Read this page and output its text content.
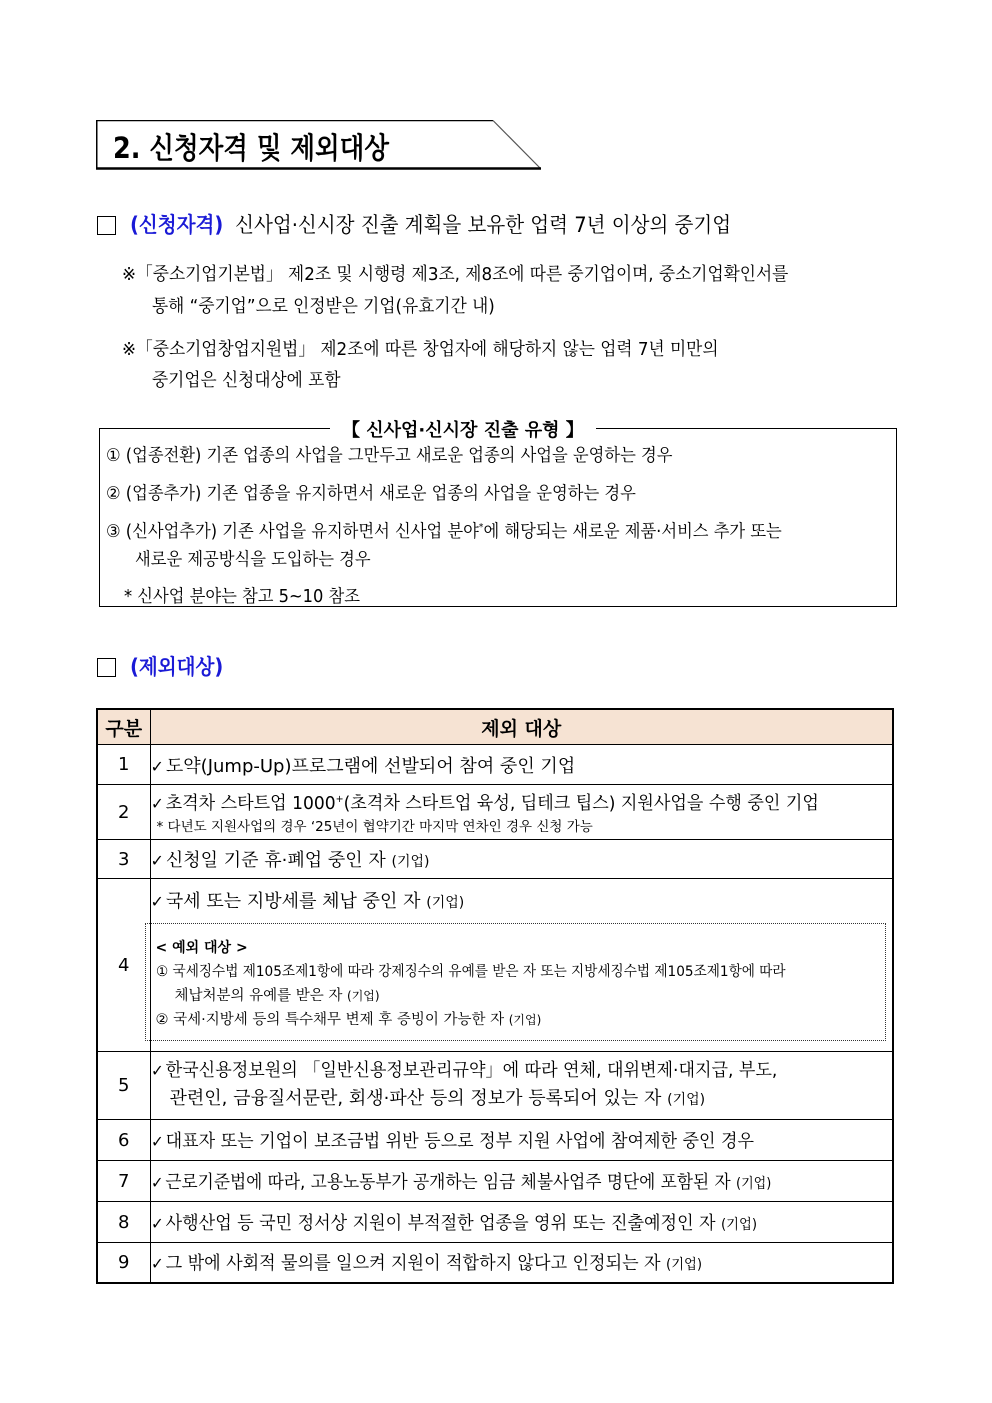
2. 신청자격 및 제외대상
(신청자격) 신사업·신시장 진출 계획을 보유한 업력 7년 이상의 중기업
※「중소기업기본법」 제2조 및 시행령 제3조, 제8조에 따른 중기업이며, 중소기업확인서를
통해 “중기업”으로 인정받은 기업(유효기간 내)
※「중소기업창업지원법」 제2조에 따른 창업자에 해당하지 않는 업력 7년 미만의
중기업은 신청대상에 포함
【 신사업·신시장 진출 유형 】
① (업종전환) 기존 업종의 사업을 그만두고 새로운 업종의 사업을 운영하는 경우
② (업종추가) 기존 업종을 유지하면서 새로운 업종의 사업을 운영하는 경우
③ (신사업추가) 기존 사업을 유지하면서 신사업 분야*에 해당되는 새로운 제품·서비스 추가 또는
새로운 제공방식을 도입하는 경우
* 신사업 분야는 참고 5~10 참조
(제외대상)
구분	제외 대상
1	✓ 도약(Jump-Up)프로그램에 선발되어 참여 중인 기업
2	✓ 초격차 스타트업 1000+(초격차 스타트업 육성, 딥테크 팁스) 지원사업을 수행 중인 기업
* 다년도 지원사업의 경우 ‘25년이 협약기간 마지막 연차인 경우 신청 가능

3	✓ 신청일 기준 휴·폐업 중인 자 (기업)
4	✓ 국세 또는 지방세를 체납 중인 자 (기업)
< 예외 대상 >
① 국세징수법 제105조제1항에 따라 강제징수의 유예를 받은 자 또는 지방세징수법 제105조제1항에 따라
체납처분의 유예를 받은 자 (기업)
② 국세·지방세 등의 특수채무 변제 후 증빙이 가능한 자 (기업)

5	✓ 한국신용정보원의 「일반신용정보관리규약」에 따라 연체, 대위변제·대지급, 부도,
관련인, 금융질서문란, 회생·파산 등의 정보가 등록되어 있는 자 (기업)

6	✓ 대표자 또는 기업이 보조금법 위반 등으로 정부 지원 사업에 참여제한 중인 경우

7	✓ 근로기준법에 따라, 고용노동부가 공개하는 임금 체불사업주 명단에 포함된 자 (기업)

8	✓ 사행산업 등 국민 정서상 지원이 부적절한 업종을 영위 또는 진출예정인 자 (기업)

9	✓ 그 밖에 사회적 물의를 일으켜 지원이 적합하지 않다고 인정되는 자 (기업)
